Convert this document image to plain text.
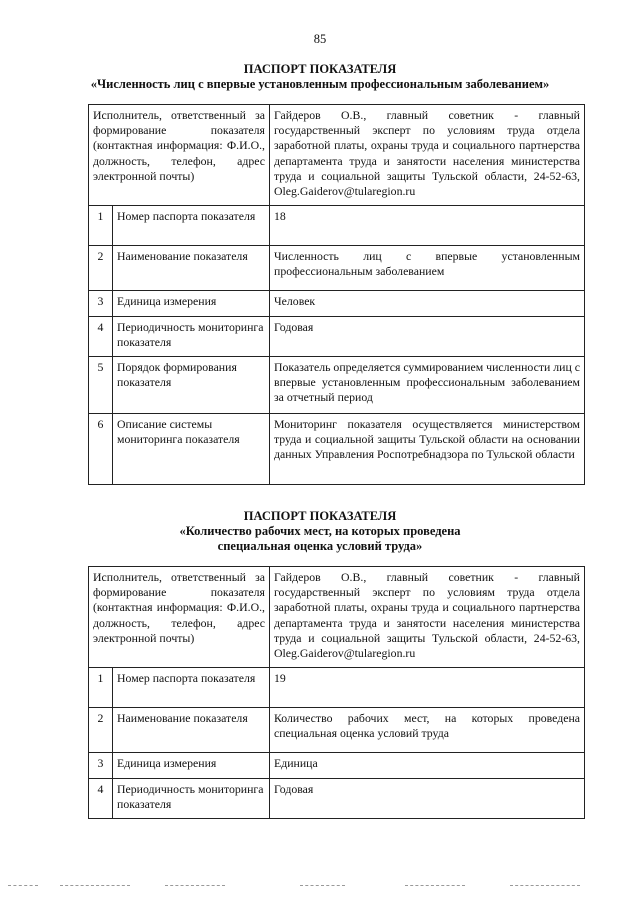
85
ПАСПОРТ ПОКАЗАТЕЛЯ
«Численность лиц с впервые установленным профессиональным заболеванием»
Исполнитель, ответственный за формирование показателя (контактная информация: Ф.И.О., должность, телефон, адрес электронной почты)		Гайдеров О.В., главный советник - главный государственный эксперт по условиям труда отдела заработной платы, охраны труда и социального партнерства департамента труда и занятости населения министерства труда и социальной защиты Тульской области, 24-52-63, Oleg.Gaiderov@tularegion.ru
1	Номер паспорта показателя	18
2	Наименование показателя	Численность лиц с впервые установленным профессиональным заболеванием
3	Единица измерения	Человек
4	Периодичность мониторинга показателя	Годовая
5	Порядок формирования показателя	Показатель определяется суммированием численности лиц с впервые установленным профессиональным заболеванием за отчетный период
6	Описание системы мониторинга показателя	Мониторинг показателя осуществляется министерством труда и социальной защиты Тульской области на основании данных Управления Роспотребнадзора по Тульской области
ПАСПОРТ ПОКАЗАТЕЛЯ
«Количество рабочих мест, на которых проведена
специальная оценка условий труда»
Исполнитель, ответственный за формирование показателя (контактная информация: Ф.И.О., должность, телефон, адрес электронной почты)		Гайдеров О.В., главный советник - главный государственный эксперт по условиям труда отдела заработной платы, охраны труда и социального партнерства департамента труда и занятости населения министерства труда и социальной защиты Тульской области, 24-52-63, Oleg.Gaiderov@tularegion.ru
1	Номер паспорта показателя	19
2	Наименование показателя	Количество рабочих мест, на которых проведена специальная оценка условий труда
3	Единица измерения	Единица
4	Периодичность мониторинга показателя	Годовая
